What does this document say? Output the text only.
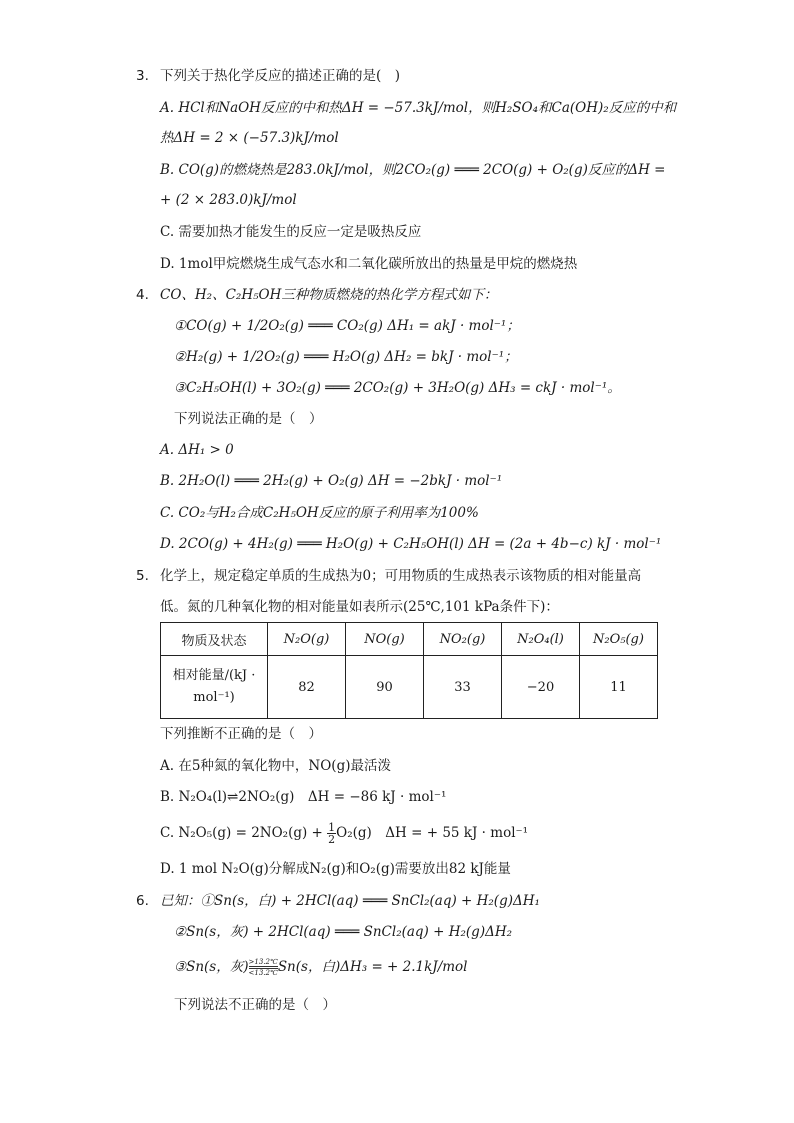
3. 下列关于热化学反应的描述正确的是(　)
A. HCl和NaOH反应的中和热ΔH = −57.3kJ/mol，则H₂SO₄和Ca(OH)₂反应的中和
热ΔH = 2 × (−57.3)kJ/mol
B. CO(g)的燃烧热是283.0kJ/mol，则2CO₂(g) ═══ 2CO(g) + O₂(g)反应的ΔH =
+ (2 × 283.0)kJ/mol
C. 需要加热才能发生的反应一定是吸热反应
D. 1mol甲烷燃烧生成气态水和二氧化碳所放出的热量是甲烷的燃烧热
4. CO、H₂、C₂H₅OH三种物质燃烧的热化学方程式如下：
①CO(g) + 1/2O₂(g) ═══ CO₂(g) ΔH₁ = akJ · mol⁻¹；
②H₂(g) + 1/2O₂(g) ═══ H₂O(g) ΔH₂ = bkJ · mol⁻¹；
③C₂H₅OH(l) + 3O₂(g) ═══ 2CO₂(g) + 3H₂O(g) ΔH₃ = ckJ · mol⁻¹。
下列说法正确的是（　）
A. ΔH₁ > 0
B. 2H₂O(l) ═══ 2H₂(g) + O₂(g) ΔH = −2bkJ · mol⁻¹
C. CO₂与H₂合成C₂H₅OH反应的原子利用率为100%
D. 2CO(g) + 4H₂(g) ═══ H₂O(g) + C₂H₅OH(l) ΔH = (2a + 4b−c) kJ · mol⁻¹
5. 化学上，规定稳定单质的生成热为0；可用物质的生成热表示该物质的相对能量高
低。氮的几种氧化物的相对能量如表所示(25℃,101 kPa条件下)：
物质及状态	N₂O(g)	NO(g)	NO₂(g)	N₂O₄(l)	N₂O₅(g)
相对能量/(kJ · mol⁻¹)	82	90	33	−20	11
下列推断不正确的是（　）
A. 在5种氮的氧化物中，NO(g)最活泼
B. N₂O₄(l)⇌2NO₂(g)　ΔH = −86 kJ · mol⁻¹
C. $N_2O_5(g) = 2NO_2(g) + \frac{1}{2} O_2(g)$　ΔH = + 55 kJ · mol⁻¹
D. 1 mol N₂O(g)分解成N₂(g)和O₂(g)需要放出82 kJ能量
6. 已知：①Sn(s，白) + 2HCl(aq) ═══ SnCl₂(aq) + H₂(g)ΔH₁
②Sn(s，灰) + 2HCl(aq) ═══ SnCl₂(aq) + H₂(g)ΔH₂
③Sn(s，灰) $\frac{>13.2℃}{<13.2℃} Sn(s$，白)ΔH₃ = + 2.1kJ/mol
下列说法不正确的是（　）
